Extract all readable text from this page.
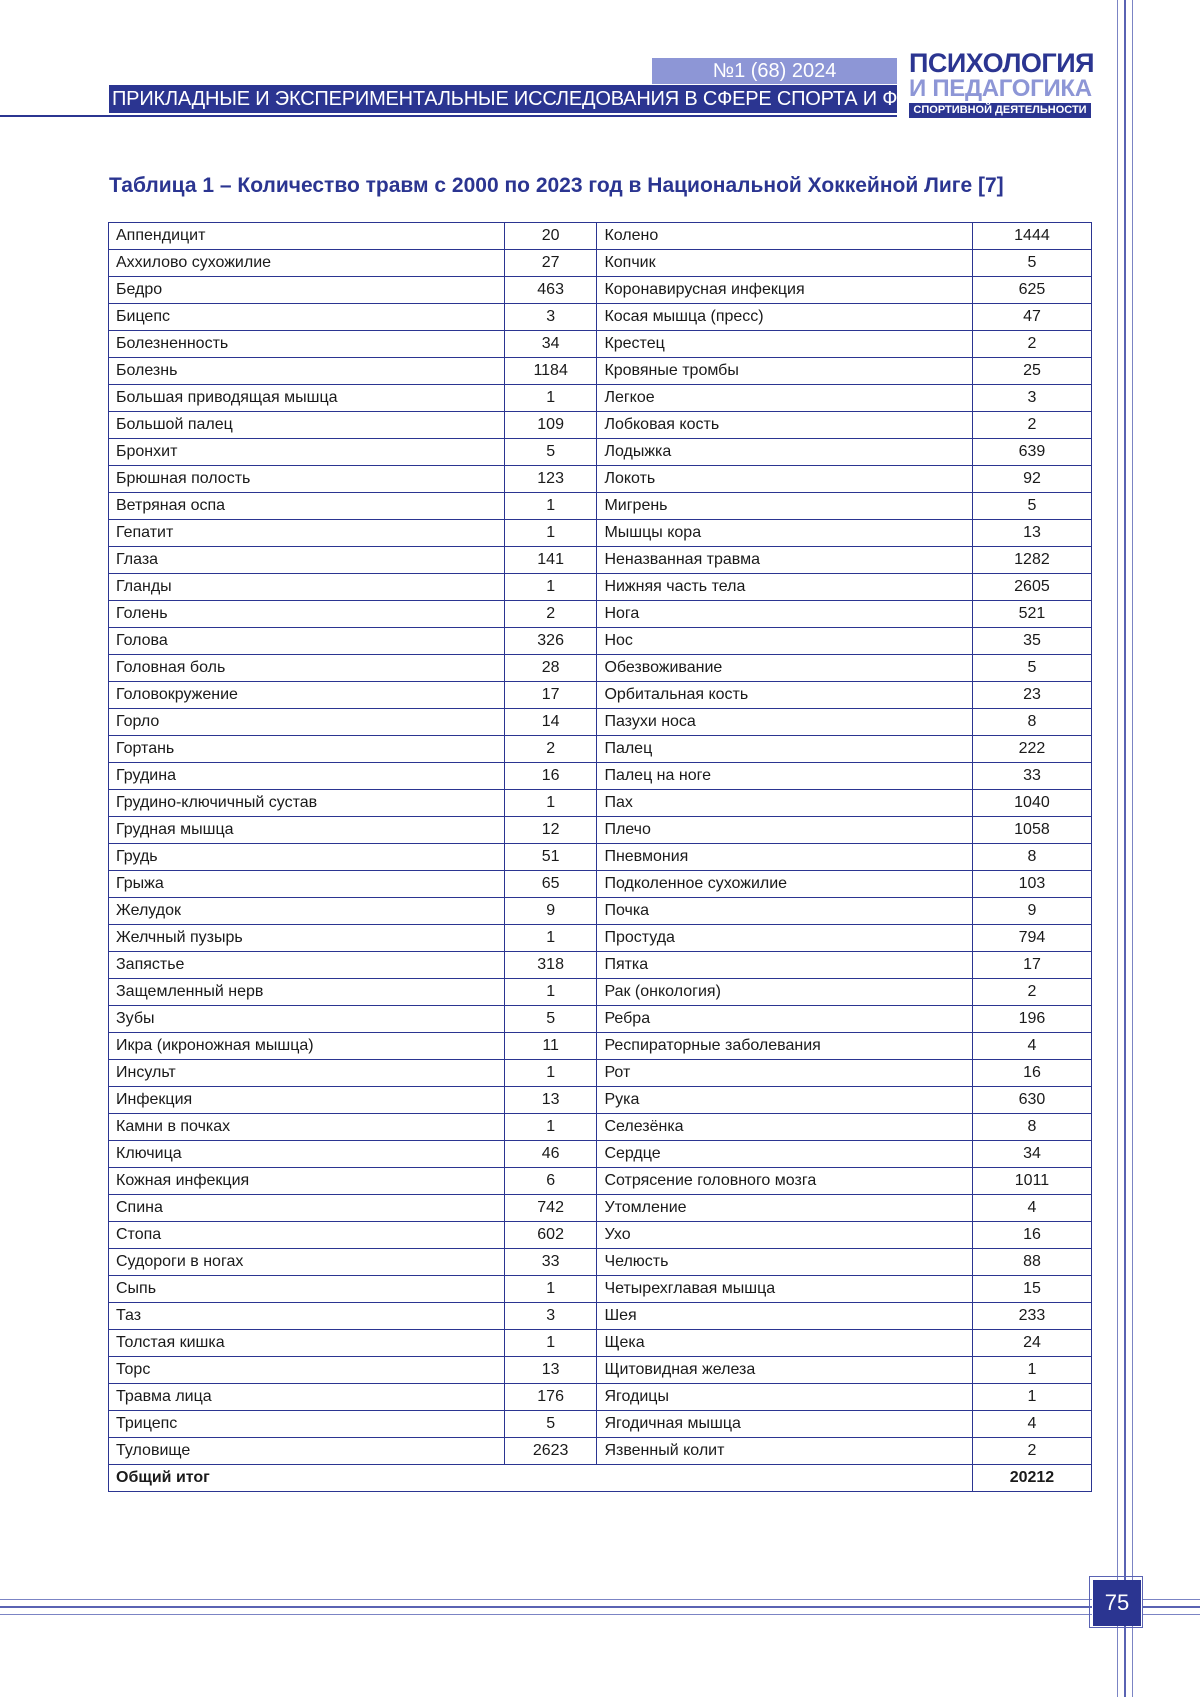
№1 (68) 2024
ПРИКЛАДНЫЕ И ЭКСПЕРИМЕНТАЛЬНЫЕ ИССЛЕДОВАНИЯ В СФЕРЕ СПОРТА И ФК
ПСИХОЛОГИЯ
И ПЕДАГОГИКА
СПОРТИВНОЙ ДЕЯТЕЛЬНОСТИ
Таблица 1 – Количество травм с 2000 по 2023 год в Национальной Хоккейной Лиге [7]
Аппендицит	20	Колено	1444
Аххилово сухожилие	27	Копчик	5
Бедро	463	Коронавирусная инфекция	625
Бицепс	3	Косая мышца (пресс)	47
Болезненность	34	Крестец	2
Болезнь	1184	Кровяные тромбы	25
Большая приводящая мышца	1	Легкое	3
Большой палец	109	Лобковая кость	2
Бронхит	5	Лодыжка	639
Брюшная полость	123	Локоть	92
Ветряная оспа	1	Мигрень	5
Гепатит	1	Мышцы кора	13
Глаза	141	Неназванная травма	1282
Гланды	1	Нижняя часть тела	2605
Голень	2	Нога	521
Голова	326	Нос	35
Головная боль	28	Обезвоживание	5
Головокружение	17	Орбитальная кость	23
Горло	14	Пазухи носа	8
Гортань	2	Палец	222
Грудина	16	Палец на ноге	33
Грудино-ключичный сустав	1	Пах	1040
Грудная мышца	12	Плечо	1058
Грудь	51	Пневмония	8
Грыжа	65	Подколенное сухожилие	103
Желудок	9	Почка	9
Желчный пузырь	1	Простуда	794
Запястье	318	Пятка	17
Защемленный нерв	1	Рак (онкология)	2
Зубы	5	Ребра	196
Икра (икроножная мышца)	11	Респираторные заболевания	4
Инсульт	1	Рот	16
Инфекция	13	Рука	630
Камни в почках	1	Селезёнка	8
Ключица	46	Сердце	34
Кожная инфекция	6	Сотрясение головного мозга	1011
Спина	742	Утомление	4
Стопа	602	Ухо	16
Судороги в ногах	33	Челюсть	88
Сыпь	1	Четырехглавая мышца	15
Таз	3	Шея	233
Толстая кишка	1	Щека	24
Торс	13	Щитовидная железа	1
Травма лица	176	Ягодицы	1
Трицепс	5	Ягодичная мышца	4
Туловище	2623	Язвенный колит	2
Общий итог			20212
75
